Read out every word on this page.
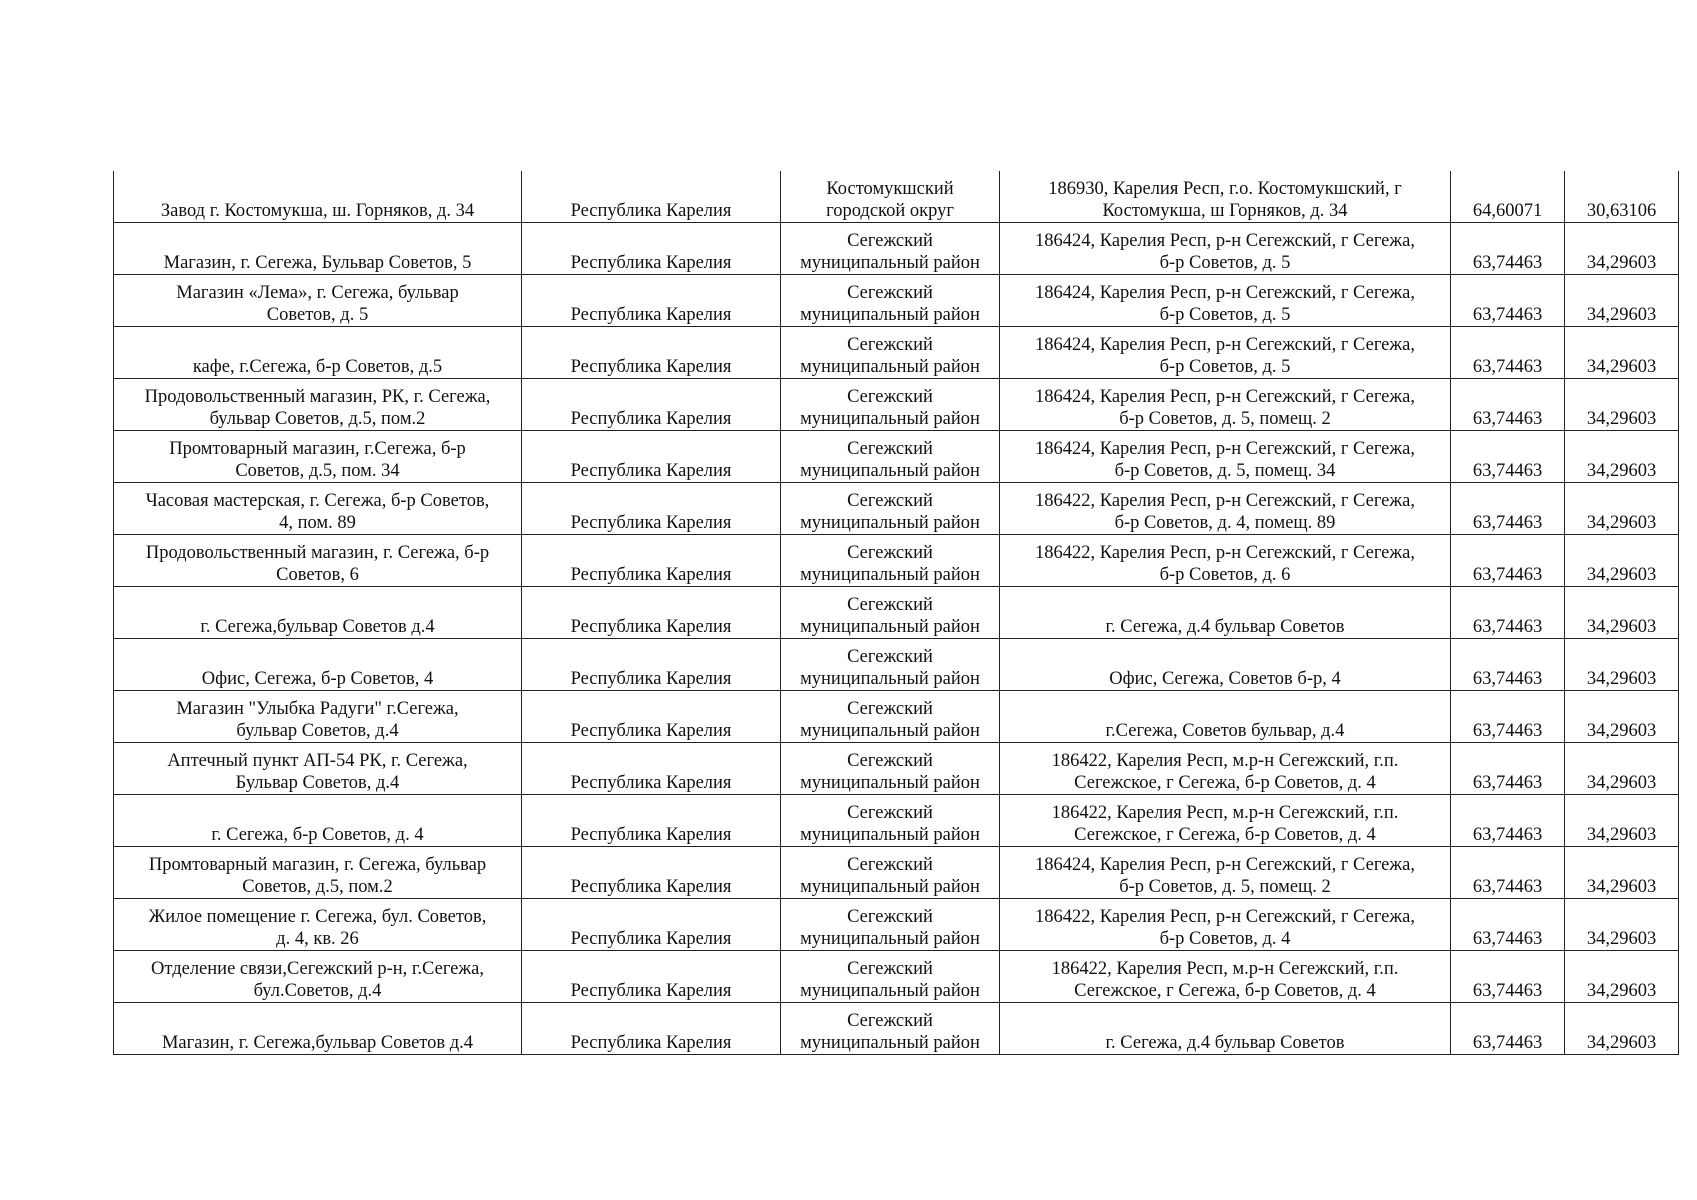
Завод г. Костомукша, ш. Горняков, д. 34	Республика Карелия	Костомукшский
городской округ	186930, Карелия Респ, г.о. Костомукшский, г
Костомукша, ш Горняков, д. 34	64,60071	30,63106
Магазин, г. Сегежа, Бульвар Советов, 5	Республика Карелия	Сегежский
муниципальный район	186424, Карелия Респ, р-н Сегежский, г Сегежа,
б-р Советов, д. 5	63,74463	34,29603
Магазин «Лема», г. Сегежа, бульвар
Советов, д. 5	Республика Карелия	Сегежский
муниципальный район	186424, Карелия Респ, р-н Сегежский, г Сегежа,
б-р Советов, д. 5	63,74463	34,29603
кафе, г.Сегежа, б-р Советов, д.5	Республика Карелия	Сегежский
муниципальный район	186424, Карелия Респ, р-н Сегежский, г Сегежа,
б-р Советов, д. 5	63,74463	34,29603
Продовольственный магазин, РК, г. Сегежа,
бульвар Советов, д.5, пом.2	Республика Карелия	Сегежский
муниципальный район	186424, Карелия Респ, р-н Сегежский, г Сегежа,
б-р Советов, д. 5, помещ. 2	63,74463	34,29603
Промтоварный магазин, г.Сегежа, б-р
Советов, д.5, пом. 34	Республика Карелия	Сегежский
муниципальный район	186424, Карелия Респ, р-н Сегежский, г Сегежа,
б-р Советов, д. 5, помещ. 34	63,74463	34,29603
Часовая мастерская, г. Сегежа, б-р Советов,
4, пом. 89	Республика Карелия	Сегежский
муниципальный район	186422, Карелия Респ, р-н Сегежский, г Сегежа,
б-р Советов, д. 4, помещ. 89	63,74463	34,29603
Продовольственный магазин, г. Сегежа, б-р
Советов, 6	Республика Карелия	Сегежский
муниципальный район	186422, Карелия Респ, р-н Сегежский, г Сегежа,
б-р Советов, д. 6	63,74463	34,29603
г. Сегежа,бульвар Советов д.4	Республика Карелия	Сегежский
муниципальный район	г. Сегежа, д.4 бульвар Советов	63,74463	34,29603
Офис, Сегежа, б-р Советов, 4	Республика Карелия	Сегежский
муниципальный район	Офис, Сегежа, Советов б-р, 4	63,74463	34,29603
Магазин "Улыбка Радуги" г.Сегежа,
бульвар Советов, д.4	Республика Карелия	Сегежский
муниципальный район	г.Сегежа, Советов бульвар, д.4	63,74463	34,29603
Аптечный пункт АП-54 РК, г. Сегежа,
Бульвар Советов, д.4	Республика Карелия	Сегежский
муниципальный район	186422, Карелия Респ, м.р-н Сегежский, г.п.
Сегежское, г Сегежа, б-р Советов, д. 4	63,74463	34,29603
г. Сегежа, б-р Советов, д. 4	Республика Карелия	Сегежский
муниципальный район	186422, Карелия Респ, м.р-н Сегежский, г.п.
Сегежское, г Сегежа, б-р Советов, д. 4	63,74463	34,29603
Промтоварный магазин, г. Сегежа, бульвар
Советов, д.5, пом.2	Республика Карелия	Сегежский
муниципальный район	186424, Карелия Респ, р-н Сегежский, г Сегежа,
б-р Советов, д. 5, помещ. 2	63,74463	34,29603
Жилое помещение г. Сегежа, бул. Советов,
д. 4, кв. 26	Республика Карелия	Сегежский
муниципальный район	186422, Карелия Респ, р-н Сегежский, г Сегежа,
б-р Советов, д. 4	63,74463	34,29603
Отделение связи,Сегежский р-н, г.Сегежа,
бул.Советов, д.4	Республика Карелия	Сегежский
муниципальный район	186422, Карелия Респ, м.р-н Сегежский, г.п.
Сегежское, г Сегежа, б-р Советов, д. 4	63,74463	34,29603
Магазин, г. Сегежа,бульвар Советов д.4	Республика Карелия	Сегежский
муниципальный район	г. Сегежа, д.4 бульвар Советов	63,74463	34,29603
